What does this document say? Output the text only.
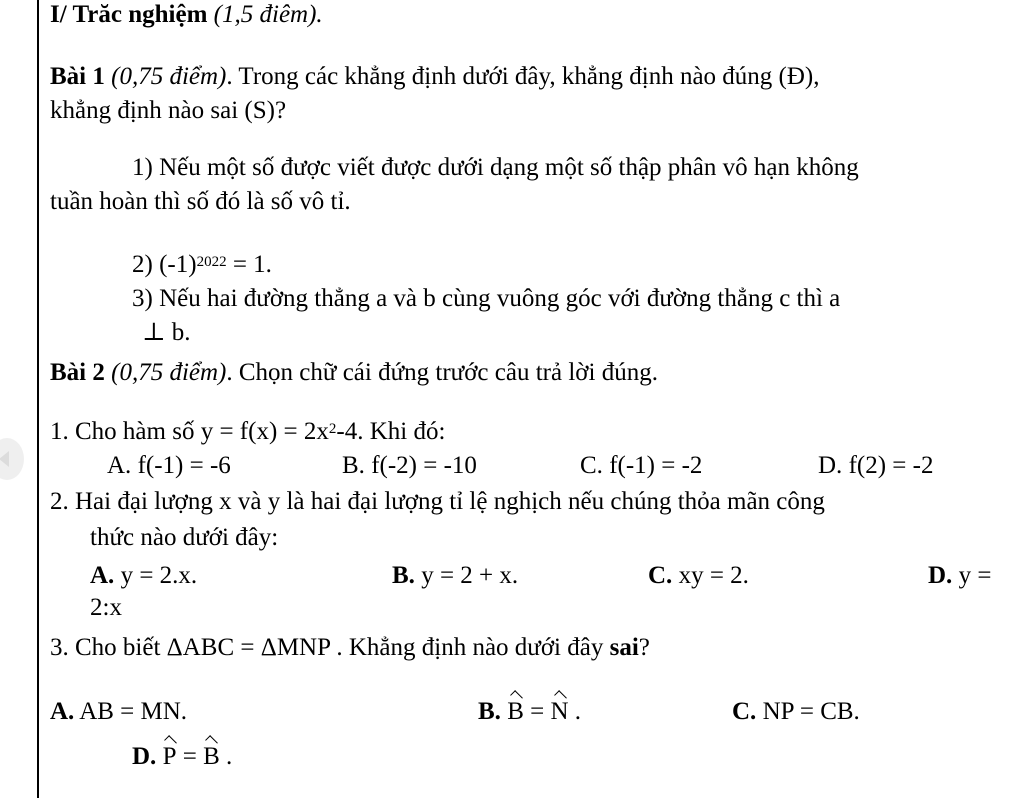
I/ Trăc nghiệm (1,5 điêm).
Bài 1 (0,75 điểm). Trong các khẳng định dưới đây, khẳng định nào đúng (Đ),
khẳng định nào sai (S)?
1) Nếu một số được viết được dưới dạng một số thập phân vô hạn không
tuần hoàn thì số đó là số vô tỉ.
2) $(-1)^{2022} = 1$.
3) Nếu hai đường thẳng a và b cùng vuông góc với đường thẳng c thì a
⊥ b.
Bài 2 (0,75 điểm). Chọn chữ cái đứng trước câu trả lời đúng.
1. Cho hàm số $y = f(x) = 2x^2-4$. Khi đó:
A. f(-1) = -6	B. f(-2) = -10	C. f(-1) = -2	D. f(2) = -2
2. Hai đại lượng x và y là hai đại lượng tỉ lệ nghịch nếu chúng thỏa mãn công
thức nào dưới đây:
A. y = 2.x.	B. y = 2 + x.	C. xy = 2.	D. y =
2:x
3. Cho biết ΔABC = ΔMNP . Khẳng định nào dưới đây sai?
A. AB = MN.	B. B = N .	C. NP = CB.
D. P = B .
